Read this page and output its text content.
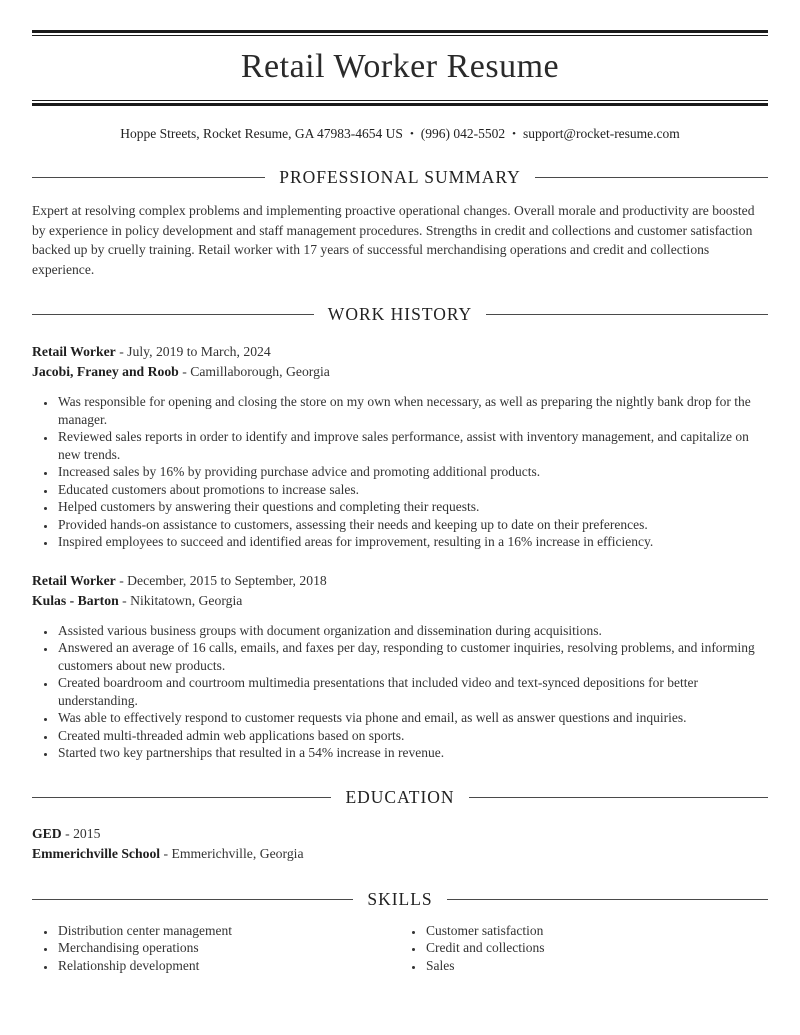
Retail Worker Resume
Hoppe Streets, Rocket Resume, GA 47983-4654 US • (996) 042-5502 • support@rocket-resume.com
PROFESSIONAL SUMMARY

Expert at resolving complex problems and implementing proactive operational changes. Overall morale and productivity are boosted by experience in policy development and staff management procedures. Strengths in credit and collections and customer satisfaction backed up by cruelly training. Retail worker with 17 years of successful merchandising operations and credit and collections experience.

WORK HISTORY

Retail Worker - July, 2019 to March, 2024

Jacobi, Franey and Roob - Camillaborough, Georgia

• Was responsible for opening and closing the store on my own when necessary, as well as preparing the nightly bank drop for the manager.
• Reviewed sales reports in order to identify and improve sales performance, assist with inventory management, and capitalize on new trends.
• Increased sales by 16% by providing purchase advice and promoting additional products.
• Educated customers about promotions to increase sales.
• Helped customers by answering their questions and completing their requests.
• Provided hands-on assistance to customers, assessing their needs and keeping up to date on their preferences.
• Inspired employees to succeed and identified areas for improvement, resulting in a 16% increase in efficiency.

Retail Worker - December, 2015 to September, 2018

Kulas - Barton - Nikitatown, Georgia

• Assisted various business groups with document organization and dissemination during acquisitions.
• Answered an average of 16 calls, emails, and faxes per day, responding to customer inquiries, resolving problems, and informing customers about new products.
• Created boardroom and courtroom multimedia presentations that included video and text-synced depositions for better understanding.
• Was able to effectively respond to customer requests via phone and email, as well as answer questions and inquiries.
• Created multi-threaded admin web applications based on sports.
• Started two key partnerships that resulted in a 54% increase in revenue.
EDUCATION

GED - 2015

Emmerichville School - Emmerichville, Georgia

SKILLS
• Distribution center management
• Merchandising operations
• Relationship development
• Customer satisfaction
• Credit and collections
• Sales
